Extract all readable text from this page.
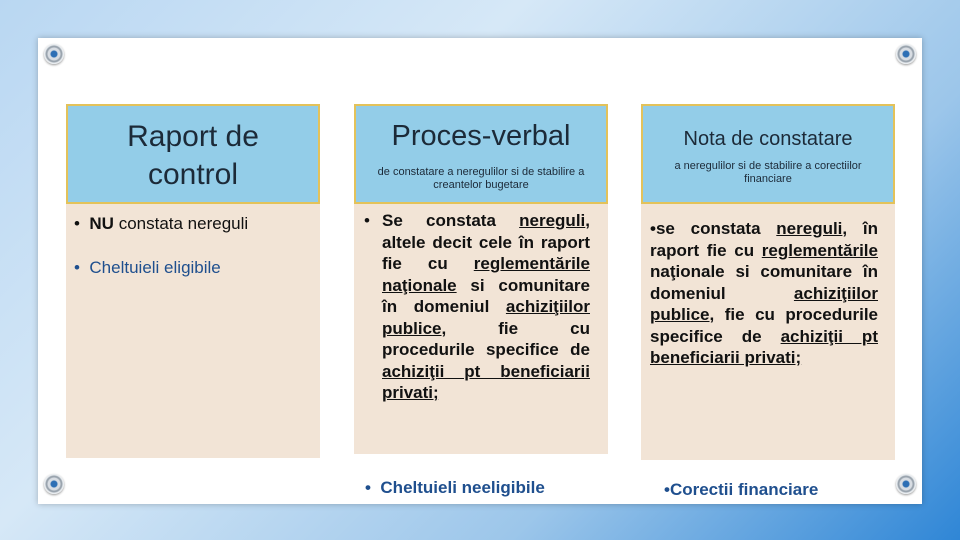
Raport de control
•  NU constata nereguli
• Cheltuieli eligibile
Proces-verbal
de constatare a neregulilor si de stabilire a creantelor bugetare
• Se constata nereguli, altele decit cele în raport fie cu reglementările naţionale si comunitare în domeniul achiziţiilor publice, fie cu procedurile specifice de achiziţii pt beneficiarii privati;
•  Cheltuieli neeligibile
Nota de constatare
a neregulilor si de stabilire a corectiilor financiare
•se constata nereguli, în raport fie cu reglementările naţionale si comunitare în domeniul achiziţiilor publice, fie cu procedurile specifice de achiziţii pt beneficiarii privati;
•Corectii financiare
